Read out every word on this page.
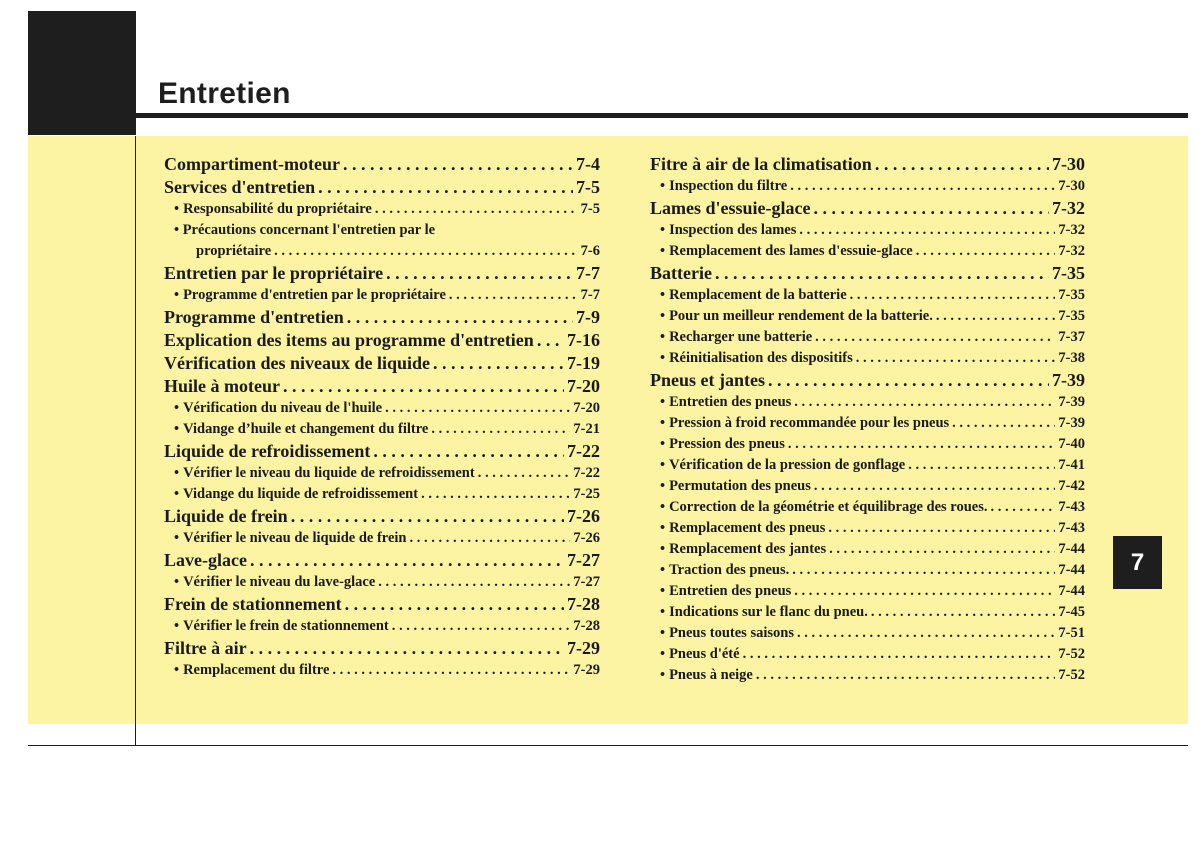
Entretien
7
Compartiment-moteur . . .	7-4
Services d'entretien . . .	7-5
• Responsabilité du propriétaire . . .	7-5
• Précautions concernant l'entretien par le
propriétaire . . .	7-6
Entretien par le propriétaire . . .	7-7
• Programme d'entretien par le propriétaire . . .	7-7
Programme d'entretien . . .	7-9
Explication des items au programme d'entretien . . . 7-16
Vérification des niveaux de liquide . . .	7-19
Huile à moteur . . .	7-20
• Vérification du niveau de l'huile . . .	7-20
• Vidange d’huile et changement du filtre . . .	7-21
Liquide de refroidissement . . .	7-22
• Vérifier le niveau du liquide de refroidissement . . .	7-22
• Vidange du liquide de refroidissement . . .	7-25
Liquide de frein . . .	7-26
• Vérifier le niveau de liquide de frein . . .	7-26
Lave-glace . . .	7-27
• Vérifier le niveau du lave-glace . . .	7-27
Frein de stationnement . . .	7-28
• Vérifier le frein de stationnement . . .	7-28
Filtre à air . . .	7-29
• Remplacement du filtre . . .	7-29
Fitre à air de la climatisation . . .	7-30
• Inspection du filtre . . .	7-30
Lames d'essuie-glace . . .	7-32
• Inspection des lames . . .	7-32
• Remplacement des lames d'essuie-glace . . .	7-32
Batterie . . .	7-35
• Remplacement de la batterie . . .	7-35
• Pour un meilleur rendement de la batterie. . . .	7-35
• Recharger une batterie . . .	7-37
• Réinitialisation des dispositifs . . .	7-38
Pneus et jantes . . .	7-39
• Entretien des pneus . . .	7-39
• Pression à froid recommandée pour les pneus . . .	7-39
• Pression des pneus . . .	7-40
• Vérification de la pression de gonflage . . .	7-41
• Permutation des pneus . . .	7-42
• Correction de la géométrie et équilibrage des roues. . . .	7-43
• Remplacement des pneus . . .	7-43
• Remplacement des jantes . . .	7-44
• Traction des pneus. . . .	7-44
• Entretien des pneus . . .	7-44
• Indications sur le flanc du pneu. . . .	7-45
• Pneus toutes saisons . . .	7-51
• Pneus d'été . . .	7-52
• Pneus à neige . . .	7-52
